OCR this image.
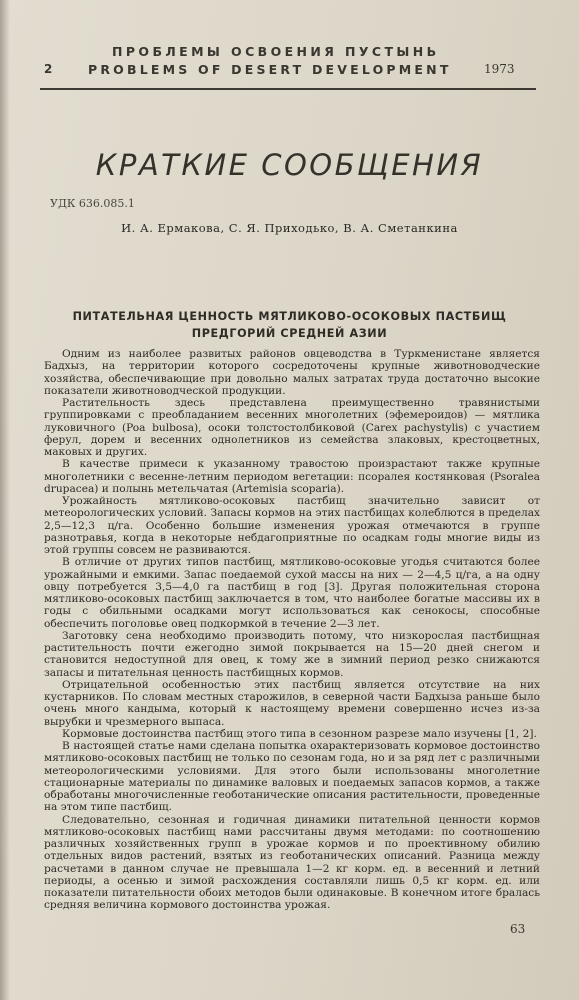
ПРОБЛЕМЫ ОСВОЕНИЯ ПУСТЫНЬ
2	PROBLEMS OF DESERT DEVELOPMENT	1973
КРАТКИЕ СООБЩЕНИЯ
УДК 636.085.1
И. А. Ермакова, С. Я. Приходько, В. А. Сметанкина
ПИТАТЕЛЬНАЯ ЦЕННОСТЬ МЯТЛИКОВО-ОСОКОВЫХ ПАСТБИЩ
ПРЕДГОРИЙ СРЕДНЕЙ АЗИИ

Одним из наиболее развитых районов овцеводства в Туркменистане является Бадхыз, на территории которого сосредоточены крупные животноводческие хозяйства, обеспечивающие при довольно малых затратах труда достаточно высокие показатели животноводческой продукции.

Растительность здесь представлена преимущественно травянистыми группировками с преобладанием весенних многолетних (эфемероидов) — мятлика луковичного (Poa bulbosa), осоки толстостолбиковой (Carex pachystylis) с участием ферул, дорем и весенних однолетников из семейства злаковых, крестоцветных, маковых и других.

В качестве примеси к указанному травостою произрастают также крупные многолетники с весенне-летним периодом вегетации: псоралея костянковая (Psoralea drupacea) и полынь метельчатая (Artemisia scoparia).

Урожайность мятликово-осоковых пастбищ значительно зависит от метеорологических условий. Запасы кормов на этих пастбищах колеблются в пределах 2,5—12,3 ц/га. Особенно большие изменения урожая отмечаются в группе разнотравья, когда в некоторые небдагоприятные по осадкам годы многие виды из этой группы совсем не развиваются.

В отличие от других типов пастбищ, мятликово-осоковые угодья считаются более урожайными и емкими. Запас поедаемой сухой массы на них — 2—4,5 ц/га, а на одну овцу потребуется 3,5—4,0 га пастбищ в год [3]. Другая положительная сторона мятликово-осоковых пастбищ заключается в том, что наиболее богатые массивы их в годы с обильными осадками могут использоваться как сенокосы, способные обеспечить поголовье овец подкормкой в течение 2—3 лет.

Заготовку сена необходимо производить потому, что низкорослая пастбищная растительность почти ежегодно зимой покрывается на 15—20 дней снегом и становится недоступной для овец, к тому же в зимний период резко снижаются запасы и питательная ценность пастбищных кормов.

Отрицательной особенностью этих пастбищ является отсутствие на них кустарников. По словам местных старожилов, в северной части Бадхыза раньше было очень много кандыма, который к настоящему времени совершенно исчез из-за вырубки и чрезмерного выпаса.

Кормовые достоинства пастбищ этого типа в сезонном разрезе мало изучены [1, 2].

В настоящей статье нами сделана попытка охарактеризовать кормовое достоинство мятликово-осоковых пастбищ не только по сезонам года, но и за ряд лет с различными метеорологическими условиями. Для этого были использованы многолетние стационарные материалы по динамике валовых и поедаемых запасов кормов, а также обработаны многочисленные геоботанические описания растительности, проведенные на этом типе пастбищ.

Следовательно, сезонная и годичная динамики питательной ценности кормов мятликово-осоковых пастбищ нами рассчитаны двумя методами: по соотношению различных хозяйственных групп в урожае кормов и по проективному обилию отдельных видов растений, взятых из геоботанических описаний. Разница между расчетами в данном случае не превышала 1—2 кг корм. ед. в весенний и летний периоды, а осенью и зимой расхождения составляли лишь 0,5 кг корм. ед. или показатели питательности обоих методов были одинаковые. В конечном итоге бралась средняя величина кормового достоинства урожая.

63
